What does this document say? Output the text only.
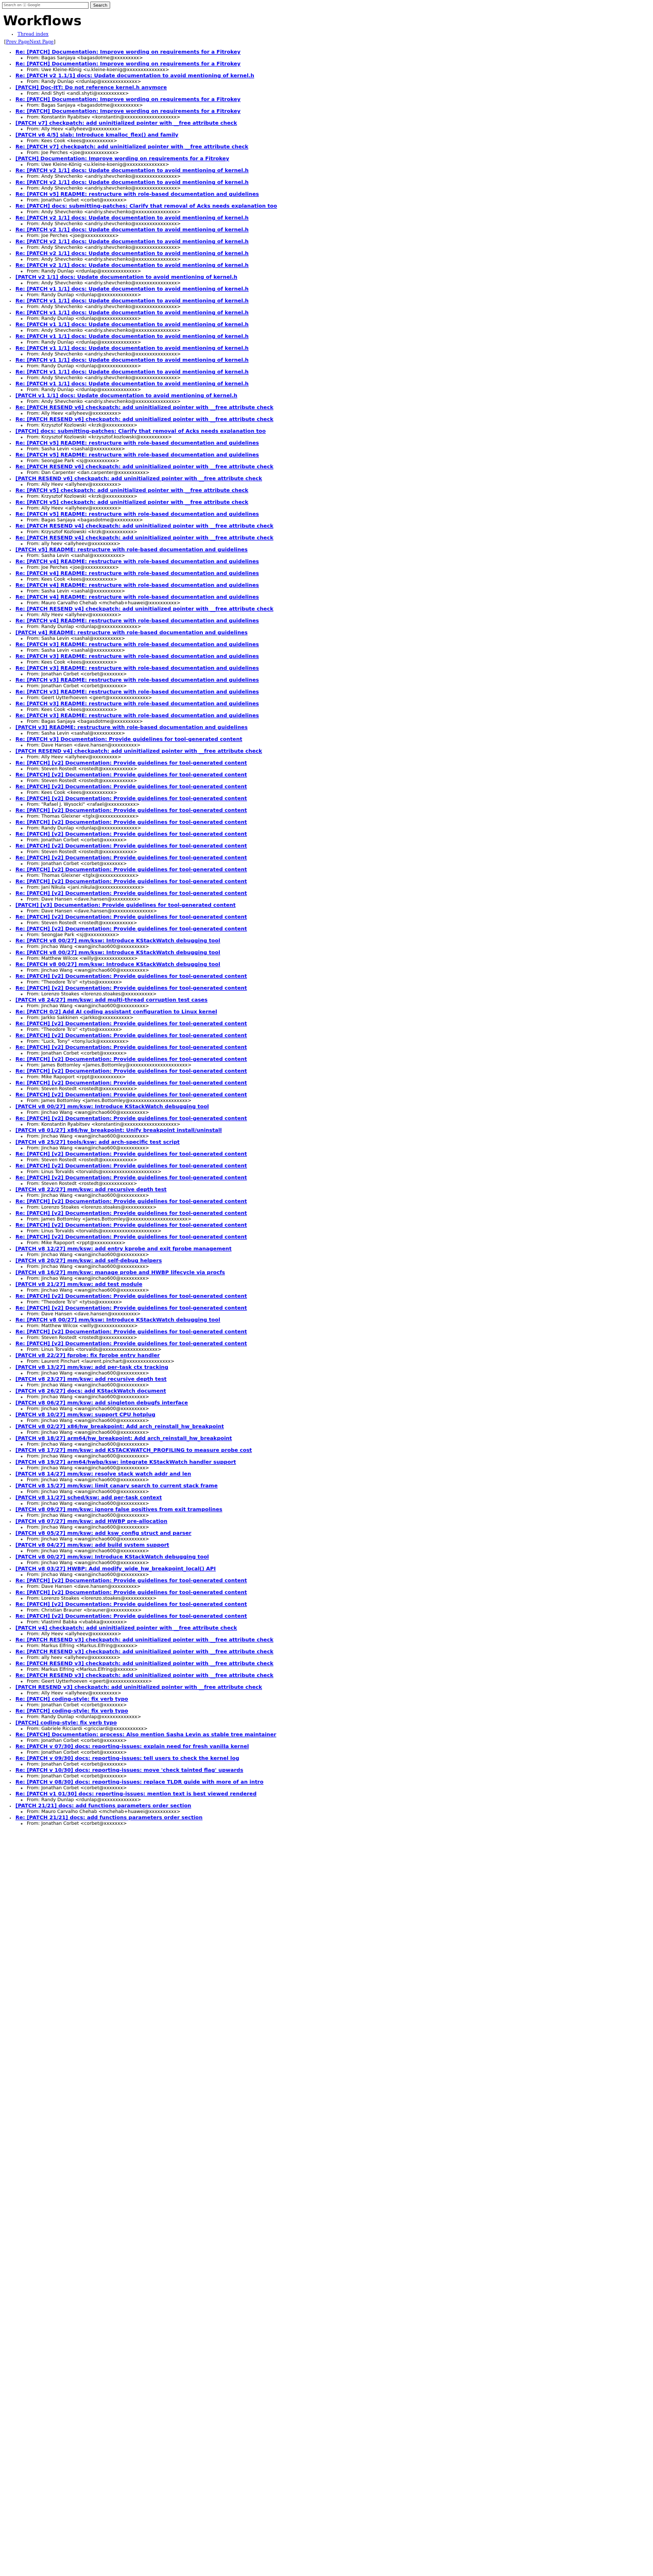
Search on ⓖ Google
Search
Workflows
• Thread index
[Prev PageNext Page]
• Re: [PATCH] Documentation: Improve wording on requirements for a Fitrokey
◦ From: Bagas Sanjaya <bagasdotme@xxxxxxxxx>
• Re: [PATCH] Documentation: Improve wording on requirements for a Fitrokey
◦ From: Uwe Kleine-König <u.kleine-koenig@xxxxxxxxxxxxxx>
• Re: [PATCH v2 1.1/1] docs: Update documentation to avoid mentioning of kernel.h
◦ From: Randy Dunlap <rdunlap@xxxxxxxxxxxxx>
• [PATCH] Doc-ItT: Do not reference kernel.h anymore
◦ From: Andi Shyti <andi.shyti@xxxxxxxxxx>
• Re: [PATCH] Documentation: Improve wording on requirements for a Fitrokey
◦ From: Bagas Sanjaya <bagasdotme@xxxxxxxxx>
• Re: [PATCH] Documentation: Improve wording on requirements for a Fitrokey
◦ From: Konstantin Ryabitsev <konstantin@xxxxxxxxxxxxxxxxxxx>
• [PATCH v7] checkpatch: add uninitialized pointer with __free attribute check
◦ From: Ally Heev <allyheev@xxxxxxxxx>
• [PATCH v6 4/5] slab: Introduce kmalloc_flex() and family
◦ From: Kees Cook <kees@xxxxxxxxxx>
• Re: [PATCH v7] checkpatch: add uninitialized pointer with __free attribute check
◦ From: Joe Perches <joe@xxxxxxxxxxx>
• [PATCH] Documentation: Improve wording on requirements for a Fitrokey
◦ From: Uwe Kleine-König <u.kleine-koenig@xxxxxxxxxxxxxx>
• Re: [PATCH v2 1/1] docs: Update documentation to avoid mentioning of kernel.h
◦ From: Andy Shevchenko <andriy.shevchenko@xxxxxxxxxxxxxxx>
• Re: [PATCH v2 1/1] docs: Update documentation to avoid mentioning of kernel.h
◦ From: Andy Shevchenko <andriy.shevchenko@xxxxxxxxxxxxxxx>
• Re: [PATCH v5] README: restructure with role-based documentation and guidelines
◦ From: Jonathan Corbet <corbet@xxxxxxx>
• Re: [PATCH] docs: submitting-patches: Clarify that removal of Acks needs explanation too
◦ From: Andy Shevchenko <andriy.shevchenko@xxxxxxxxxxxxxxx>
• Re: [PATCH v2 1/1] docs: Update documentation to avoid mentioning of kernel.h
◦ From: Andy Shevchenko <andriy.shevchenko@xxxxxxxxxxxxxxx>
• Re: [PATCH v2 1/1] docs: Update documentation to avoid mentioning of kernel.h
◦ From: Joe Perches <joe@xxxxxxxxxxx>
• Re: [PATCH v2 1/1] docs: Update documentation to avoid mentioning of kernel.h
◦ From: Andy Shevchenko <andriy.shevchenko@xxxxxxxxxxxxxxx>
• Re: [PATCH v2 1/1] docs: Update documentation to avoid mentioning of kernel.h
◦ From: Andy Shevchenko <andriy.shevchenko@xxxxxxxxxxxxxxx>
• Re: [PATCH v2 1/1] docs: Update documentation to avoid mentioning of kernel.h
◦ From: Randy Dunlap <rdunlap@xxxxxxxxxxxxx>
• [PATCH v2 1/1] docs: Update documentation to avoid mentioning of kernel.h
◦ From: Andy Shevchenko <andriy.shevchenko@xxxxxxxxxxxxxxx>
• Re: [PATCH v1 1/1] docs: Update documentation to avoid mentioning of kernel.h
◦ From: Randy Dunlap <rdunlap@xxxxxxxxxxxxx>
• Re: [PATCH v1 1/1] docs: Update documentation to avoid mentioning of kernel.h
◦ From: Andy Shevchenko <andriy.shevchenko@xxxxxxxxxxxxxxx>
• Re: [PATCH v1 1/1] docs: Update documentation to avoid mentioning of kernel.h
◦ From: Randy Dunlap <rdunlap@xxxxxxxxxxxxx>
• Re: [PATCH v1 1/1] docs: Update documentation to avoid mentioning of kernel.h
◦ From: Andy Shevchenko <andriy.shevchenko@xxxxxxxxxxxxxxx>
• Re: [PATCH v1 1/1] docs: Update documentation to avoid mentioning of kernel.h
◦ From: Randy Dunlap <rdunlap@xxxxxxxxxxxxx>
• Re: [PATCH v1 1/1] docs: Update documentation to avoid mentioning of kernel.h
◦ From: Andy Shevchenko <andriy.shevchenko@xxxxxxxxxxxxxxx>
• Re: [PATCH v1 1/1] docs: Update documentation to avoid mentioning of kernel.h
◦ From: Randy Dunlap <rdunlap@xxxxxxxxxxxxx>
• Re: [PATCH v1 1/1] docs: Update documentation to avoid mentioning of kernel.h
◦ From: Andy Shevchenko <andriy.shevchenko@xxxxxxxxxxxxxxx>
• Re: [PATCH v1 1/1] docs: Update documentation to avoid mentioning of kernel.h
◦ From: Randy Dunlap <rdunlap@xxxxxxxxxxxxx>
• [PATCH v1 1/1] docs: Update documentation to avoid mentioning of kernel.h
◦ From: Andy Shevchenko <andriy.shevchenko@xxxxxxxxxxxxxxx>
• Re: [PATCH RESEND v6] checkpatch: add uninitialized pointer with __free attribute check
◦ From: Ally Heev <allyheev@xxxxxxxxx>
• Re: [PATCH RESEND v6] checkpatch: add uninitialized pointer with __free attribute check
◦ From: Krzysztof Kozlowski <krzk@xxxxxxxxxx>
• [PATCH] docs: submitting-patches: Clarify that removal of Acks needs explanation too
◦ From: Krzysztof Kozlowski <krzysztof.kozlowski@xxxxxxxxxx>
• Re: [PATCH v5] README: restructure with role-based documentation and guidelines
◦ From: Sasha Levin <sashal@xxxxxxxxxx>
• Re: [PATCH v5] README: restructure with role-based documentation and guidelines
◦ From: SeongJae Park <sj@xxxxxxxxxx>
• Re: [PATCH RESEND v6] checkpatch: add uninitialized pointer with __free attribute check
◦ From: Dan Carpenter <dan.carpenter@xxxxxxxxxx>
• [PATCH RESEND v6] checkpatch: add uninitialized pointer with __free attribute check
◦ From: Ally Heev <allyheev@xxxxxxxxx>
• Re: [PATCH v5] checkpatch: add uninitialized pointer with __free attribute check
◦ From: Krzysztof Kozlowski <krzk@xxxxxxxxxx>
• Re: [PATCH v5] checkpatch: add uninitialized pointer with __free attribute check
◦ From: Ally Heev <allyheev@xxxxxxxxx>
• Re: [PATCH v5] README: restructure with role-based documentation and guidelines
◦ From: Bagas Sanjaya <bagasdotme@xxxxxxxxx>
• Re: [PATCH RESEND v4] checkpatch: add uninitialized pointer with __free attribute check
◦ From: Krzysztof Kozlowski <krzk@xxxxxxxxxx>
• Re: [PATCH RESEND v4] checkpatch: add uninitialized pointer with __free attribute check
◦ From: ally heev <allyheev@xxxxxxxxx>
• [PATCH v5] README: restructure with role-based documentation and guidelines
◦ From: Sasha Levin <sashal@xxxxxxxxxx>
• Re: [PATCH v4] README: restructure with role-based documentation and guidelines
◦ From: Joe Perches <joe@xxxxxxxxxxx>
• Re: [PATCH v4] README: restructure with role-based documentation and guidelines
◦ From: Kees Cook <kees@xxxxxxxxxx>
• Re: [PATCH v4] README: restructure with role-based documentation and guidelines
◦ From: Sasha Levin <sashal@xxxxxxxxxx>
• Re: [PATCH v4] README: restructure with role-based documentation and guidelines
◦ From: Mauro Carvalho Chehab <mchehab+huawei@xxxxxxxxxx>
• Re: [PATCH RESEND v4] checkpatch: add uninitialized pointer with __free attribute check
◦ From: Ally Heev <allyheev@xxxxxxxxx>
• Re: [PATCH v4] README: restructure with role-based documentation and guidelines
◦ From: Randy Dunlap <rdunlap@xxxxxxxxxxxxx>
• [PATCH v4] README: restructure with role-based documentation and guidelines
◦ From: Sasha Levin <sashal@xxxxxxxxxx>
• Re: [PATCH v3] README: restructure with role-based documentation and guidelines
◦ From: Sasha Levin <sashal@xxxxxxxxxx>
• Re: [PATCH v3] README: restructure with role-based documentation and guidelines
◦ From: Kees Cook <kees@xxxxxxxxxx>
• Re: [PATCH v3] README: restructure with role-based documentation and guidelines
◦ From: Jonathan Corbet <corbet@xxxxxxx>
• Re: [PATCH v3] README: restructure with role-based documentation and guidelines
◦ From: Jonathan Corbet <corbet@xxxxxxx>
• Re: [PATCH v3] README: restructure with role-based documentation and guidelines
◦ From: Geert Uytterhoeven <geert@xxxxxxxxxxxxxx>
• Re: [PATCH v3] README: restructure with role-based documentation and guidelines
◦ From: Kees Cook <kees@xxxxxxxxxx>
• Re: [PATCH v3] README: restructure with role-based documentation and guidelines
◦ From: Bagas Sanjaya <bagasdotme@xxxxxxxxx>
• [PATCH v3] README: restructure with role-based documentation and guidelines
◦ From: Sasha Levin <sashal@xxxxxxxxxx>
• Re: [PATCH v3] Documentation: Provide guidelines for tool-generated content
◦ From: Dave Hansen <dave.hansen@xxxxxxxxx>
• [PATCH RESEND v4] checkpatch: add uninitialized pointer with __free attribute check
◦ From: Ally Heev <allyheev@xxxxxxxxx>
• Re: [PATCH] [v2] Documentation: Provide guidelines for tool-generated content
◦ From: Steven Rostedt <rostedt@xxxxxxxxxxx>
• Re: [PATCH] [v2] Documentation: Provide guidelines for tool-generated content
◦ From: Steven Rostedt <rostedt@xxxxxxxxxxx>
• Re: [PATCH] [v2] Documentation: Provide guidelines for tool-generated content
◦ From: Kees Cook <kees@xxxxxxxxxx>
• Re: [PATCH] [v2] Documentation: Provide guidelines for tool-generated content
◦ From: "Rafael J. Wysocki" <rafael@xxxxxxxxxx>
• Re: [PATCH] [v2] Documentation: Provide guidelines for tool-generated content
◦ From: Thomas Gleixner <tglx@xxxxxxxxxxxxx>
• Re: [PATCH] [v2] Documentation: Provide guidelines for tool-generated content
◦ From: Randy Dunlap <rdunlap@xxxxxxxxxxxxx>
• Re: [PATCH] [v2] Documentation: Provide guidelines for tool-generated content
◦ From: Jonathan Corbet <corbet@xxxxxxx>
• Re: [PATCH] [v2] Documentation: Provide guidelines for tool-generated content
◦ From: Steven Rostedt <rostedt@xxxxxxxxxxx>
• Re: [PATCH] [v2] Documentation: Provide guidelines for tool-generated content
◦ From: Jonathan Corbet <corbet@xxxxxxx>
• Re: [PATCH] [v2] Documentation: Provide guidelines for tool-generated content
◦ From: Thomas Gleixner <tglx@xxxxxxxxxxxxx>
• Re: [PATCH] [v2] Documentation: Provide guidelines for tool-generated content
◦ From: Jani Nikula <jani.nikula@xxxxxxxxxxxxxxx>
• Re: [PATCH] [v2] Documentation: Provide guidelines for tool-generated content
◦ From: Dave Hansen <dave.hansen@xxxxxxxxx>
• [PATCH] [v3] Documentation: Provide guidelines for tool-generated content
◦ From: Dave Hansen <dave.hansen@xxxxxxxxxxxxxxx>
• Re: [PATCH] [v2] Documentation: Provide guidelines for tool-generated content
◦ From: Steven Rostedt <rostedt@xxxxxxxxxxx>
• Re: [PATCH] [v2] Documentation: Provide guidelines for tool-generated content
◦ From: SeongJae Park <sj@xxxxxxxxxx>
• Re: [PATCH v8 00/27] mm/ksw: Introduce KStackWatch debugging tool
◦ From: Jinchao Wang <wangjinchao600@xxxxxxxxx>
• Re: [PATCH v8 00/27] mm/ksw: Introduce KStackWatch debugging tool
◦ From: Matthew Wilcox <willy@xxxxxxxxxxxxx>
• Re: [PATCH v8 00/27] mm/ksw: Introduce KStackWatch debugging tool
◦ From: Jinchao Wang <wangjinchao600@xxxxxxxxx>
• Re: [PATCH] [v2] Documentation: Provide guidelines for tool-generated content
◦ From: "Theodore Ts'o" <tytso@xxxxxxx>
• Re: [PATCH] [v2] Documentation: Provide guidelines for tool-generated content
◦ From: Lorenzo Stoakes <lorenzo.stoakes@xxxxxxxxxx>
• [PATCH v8 24/27] mm/ksw: add multi-thread corruption test cases
◦ From: Jinchao Wang <wangjinchao600@xxxxxxxxx>
• Re: [PATCH 0/2] Add AI coding assistant configuration to Linux kernel
◦ From: Jarkko Sakkinen <jarkko@xxxxxxxxxx>
• Re: [PATCH] [v2] Documentation: Provide guidelines for tool-generated content
◦ From: "Theodore Ts'o" <tytso@xxxxxxx>
• Re: [PATCH] [v2] Documentation: Provide guidelines for tool-generated content
◦ From: "Luck, Tony" <tony.luck@xxxxxxxxx>
• Re: [PATCH] [v2] Documentation: Provide guidelines for tool-generated content
◦ From: Jonathan Corbet <corbet@xxxxxxx>
• Re: [PATCH] [v2] Documentation: Provide guidelines for tool-generated content
◦ From: James Bottomley <James.Bottomley@xxxxxxxxxxxxxxxxxxxxx>
• Re: [PATCH] [v2] Documentation: Provide guidelines for tool-generated content
◦ From: Mike Rapoport <rppt@xxxxxxxxxx>
• Re: [PATCH] [v2] Documentation: Provide guidelines for tool-generated content
◦ From: Steven Rostedt <rostedt@xxxxxxxxxxx>
• Re: [PATCH] [v2] Documentation: Provide guidelines for tool-generated content
◦ From: James Bottomley <James.Bottomley@xxxxxxxxxxxxxxxxxxxxx>
• [PATCH v8 00/27] mm/ksw: Introduce KStackWatch debugging tool
◦ From: Jinchao Wang <wangjinchao600@xxxxxxxxx>
• Re: [PATCH] [v2] Documentation: Provide guidelines for tool-generated content
◦ From: Konstantin Ryabitsev <konstantin@xxxxxxxxxxxxxxxxxxx>
• [PATCH v8 01/27] x86/hw_breakpoint: Unify breakpoint install/uninstall
◦ From: Jinchao Wang <wangjinchao600@xxxxxxxxx>
• [PATCH v8 25/27] tools/ksw: add arch-specific test script
◦ From: Jinchao Wang <wangjinchao600@xxxxxxxxx>
• Re: [PATCH] [v2] Documentation: Provide guidelines for tool-generated content
◦ From: Steven Rostedt <rostedt@xxxxxxxxxxx>
• Re: [PATCH] [v2] Documentation: Provide guidelines for tool-generated content
◦ From: Linus Torvalds <torvalds@xxxxxxxxxxxxxxxxxxxx>
• Re: [PATCH] [v2] Documentation: Provide guidelines for tool-generated content
◦ From: Steven Rostedt <rostedt@xxxxxxxxxxx>
• [PATCH v8 22/27] mm/ksw: add recursive depth test
◦ From: Jinchao Wang <wangjinchao600@xxxxxxxxx>
• Re: [PATCH] [v2] Documentation: Provide guidelines for tool-generated content
◦ From: Lorenzo Stoakes <lorenzo.stoakes@xxxxxxxxxx>
• Re: [PATCH] [v2] Documentation: Provide guidelines for tool-generated content
◦ From: James Bottomley <James.Bottomley@xxxxxxxxxxxxxxxxxxxxx>
• Re: [PATCH] [v2] Documentation: Provide guidelines for tool-generated content
◦ From: Linus Torvalds <torvalds@xxxxxxxxxxxxxxxxxxxx>
• Re: [PATCH] [v2] Documentation: Provide guidelines for tool-generated content
◦ From: Mike Rapoport <rppt@xxxxxxxxxx>
• [PATCH v8 12/27] mm/ksw: add entry kprobe and exit fprobe management
◦ From: Jinchao Wang <wangjinchao600@xxxxxxxxx>
• [PATCH v8 20/27] mm/ksw: add self-debug helpers
◦ From: Jinchao Wang <wangjinchao600@xxxxxxxxx>
• [PATCH v8 16/27] mm/ksw: manage probe and HWBP lifecycle via procfs
◦ From: Jinchao Wang <wangjinchao600@xxxxxxxxx>
• [PATCH v8 21/27] mm/ksw: add test module
◦ From: Jinchao Wang <wangjinchao600@xxxxxxxxx>
• Re: [PATCH] [v2] Documentation: Provide guidelines for tool-generated content
◦ From: "Theodore Ts'o" <tytso@xxxxxxx>
• Re: [PATCH] [v2] Documentation: Provide guidelines for tool-generated content
◦ From: Dave Hansen <dave.hansen@xxxxxxxxx>
• Re: [PATCH v8 00/27] mm/ksw: Introduce KStackWatch debugging tool
◦ From: Matthew Wilcox <willy@xxxxxxxxxxxxx>
• Re: [PATCH] [v2] Documentation: Provide guidelines for tool-generated content
◦ From: Steven Rostedt <rostedt@xxxxxxxxxxx>
• Re: [PATCH] [v2] Documentation: Provide guidelines for tool-generated content
◦ From: Linus Torvalds <torvalds@xxxxxxxxxxxxxxxxxxxx>
• [PATCH v8 22/27] fprobe: fix fprobe entry handler
◦ From: Laurent Pinchart <laurent.pinchart@xxxxxxxxxxxxxxxx>
• [PATCH v8 13/27] mm/ksw: add per-task ctx tracking
◦ From: Jinchao Wang <wangjinchao600@xxxxxxxxx>
• [PATCH v8 23/27] mm/ksw: add recursive depth test
◦ From: Jinchao Wang <wangjinchao600@xxxxxxxxx>
• [PATCH v8 26/27] docs: add KStackWatch document
◦ From: Jinchao Wang <wangjinchao600@xxxxxxxxx>
• [PATCH v8 06/27] mm/ksw: add singleton debugfs interface
◦ From: Jinchao Wang <wangjinchao600@xxxxxxxxx>
• [PATCH v8 10/27] mm/ksw: support CPU hotplug
◦ From: Jinchao Wang <wangjinchao600@xxxxxxxxx>
• [PATCH v8 02/27] x86/hw_breakpoint: Add arch_reinstall_hw_breakpoint
◦ From: Jinchao Wang <wangjinchao600@xxxxxxxxx>
• [PATCH v8 18/27] arm64/hw_breakpoint: Add arch_reinstall_hw_breakpoint
◦ From: Jinchao Wang <wangjinchao600@xxxxxxxxx>
• [PATCH v8 17/27] mm/ksw: add KSTACKWATCH_PROFILING to measure probe cost
◦ From: Jinchao Wang <wangjinchao600@xxxxxxxxx>
• [PATCH v8 19/27] arm64/hwbp/ksw: integrate KStackWatch handler support
◦ From: Jinchao Wang <wangjinchao600@xxxxxxxxx>
• [PATCH v8 14/27] mm/ksw: resolve stack watch addr and len
◦ From: Jinchao Wang <wangjinchao600@xxxxxxxxx>
• [PATCH v8 15/27] mm/ksw: limit canary search to current stack frame
◦ From: Jinchao Wang <wangjinchao600@xxxxxxxxx>
• [PATCH v8 11/27] sched/ksw: add per-task context
◦ From: Jinchao Wang <wangjinchao600@xxxxxxxxx>
• [PATCH v8 09/27] mm/ksw: ignore false positives from exit trampolines
◦ From: Jinchao Wang <wangjinchao600@xxxxxxxxx>
• [PATCH v8 07/27] mm/ksw: add HWBP pre-allocation
◦ From: Jinchao Wang <wangjinchao600@xxxxxxxxx>
• [PATCH v8 05/27] mm/ksw: add ksw_config struct and parser
◦ From: Jinchao Wang <wangjinchao600@xxxxxxxxx>
• [PATCH v8 04/27] mm/ksw: add build system support
◦ From: Jinchao Wang <wangjinchao600@xxxxxxxxx>
• [PATCH v8 00/27] mm/ksw: Introduce KStackWatch debugging tool
◦ From: Jinchao Wang <wangjinchao600@xxxxxxxxx>
• [PATCH v8 03/27] HWBP: Add modify_wide_hw_breakpoint_local() API
◦ From: Jinchao Wang <wangjinchao600@xxxxxxxxx>
• Re: [PATCH] [v2] Documentation: Provide guidelines for tool-generated content
◦ From: Dave Hansen <dave.hansen@xxxxxxxxx>
• Re: [PATCH] [v2] Documentation: Provide guidelines for tool-generated content
◦ From: Lorenzo Stoakes <lorenzo.stoakes@xxxxxxxxxx>
• Re: [PATCH] [v2] Documentation: Provide guidelines for tool-generated content
◦ From: Christian Brauner <brauner@xxxxxxxxxx>
• Re: [PATCH] [v2] Documentation: Provide guidelines for tool-generated content
◦ From: Vlastimil Babka <vbabka@xxxxxxx>
• [PATCH v4] checkpatch: add uninitialized pointer with __free attribute check
◦ From: Ally Heev <allyheev@xxxxxxxxx>
• Re: [PATCH RESEND v3] checkpatch: add uninitialized pointer with __free attribute check
◦ From: Markus Elfring <Markus.Elfring@xxxxxx>
• Re: [PATCH RESEND v3] checkpatch: add uninitialized pointer with __free attribute check
◦ From: ally heev <allyheev@xxxxxxxxx>
• Re: [PATCH RESEND v3] checkpatch: add uninitialized pointer with __free attribute check
◦ From: Markus Elfring <Markus.Elfring@xxxxxx>
• Re: [PATCH RESEND v3] checkpatch: add uninitialized pointer with __free attribute check
◦ From: Geert Uytterhoeven <geert@xxxxxxxxxxxxxx>
• [PATCH RESEND v3] checkpatch: add uninitialized pointer with __free attribute check
◦ From: Ally Heev <allyheev@xxxxxxxxx>
• Re: [PATCH] coding-style: fix verb typo
◦ From: Jonathan Corbet <corbet@xxxxxxx>
• Re: [PATCH] coding-style: fix verb typo
◦ From: Randy Dunlap <rdunlap@xxxxxxxxxxxxx>
• [PATCH] coding-style: fix verb typo
◦ From: Gabriele Ricciardi <gricciardi@xxxxxxxxxxx>
• Re: [PATCH] Documentation: process: Also mention Sasha Levin as stable tree maintainer
◦ From: Jonathan Corbet <corbet@xxxxxxx>
• Re: [PATCH v 07/30] docs: reporting-issues: explain need for fresh vanilla kernel
◦ From: Jonathan Corbet <corbet@xxxxxxx>
• Re: [PATCH v 09/30] docs: reporting-issues: tell users to check the kernel log
◦ From: Jonathan Corbet <corbet@xxxxxxx>
• Re: [PATCH v 10/30] docs: reporting-issues: move 'check tainted flag' upwards
◦ From: Jonathan Corbet <corbet@xxxxxxx>
• Re: [PATCH v 08/30] docs: reporting-issues: replace TLDR guide with more of an intro
◦ From: Jonathan Corbet <corbet@xxxxxxx>
• Re: [PATCH v1 01/30] docs: reporting-issues: mention text is best viewed rendered
◦ From: Randy Dunlap <rdunlap@xxxxxxxxxxxxx>
• [PATCH 21/21] docs: add functions parameters order section
◦ From: Mauro Carvalho Chehab <mchehab+huawei@xxxxxxxxxx>
• Re: [PATCH 21/21] docs: add functions parameters order section
◦ From: Jonathan Corbet <corbet@xxxxxxx>
